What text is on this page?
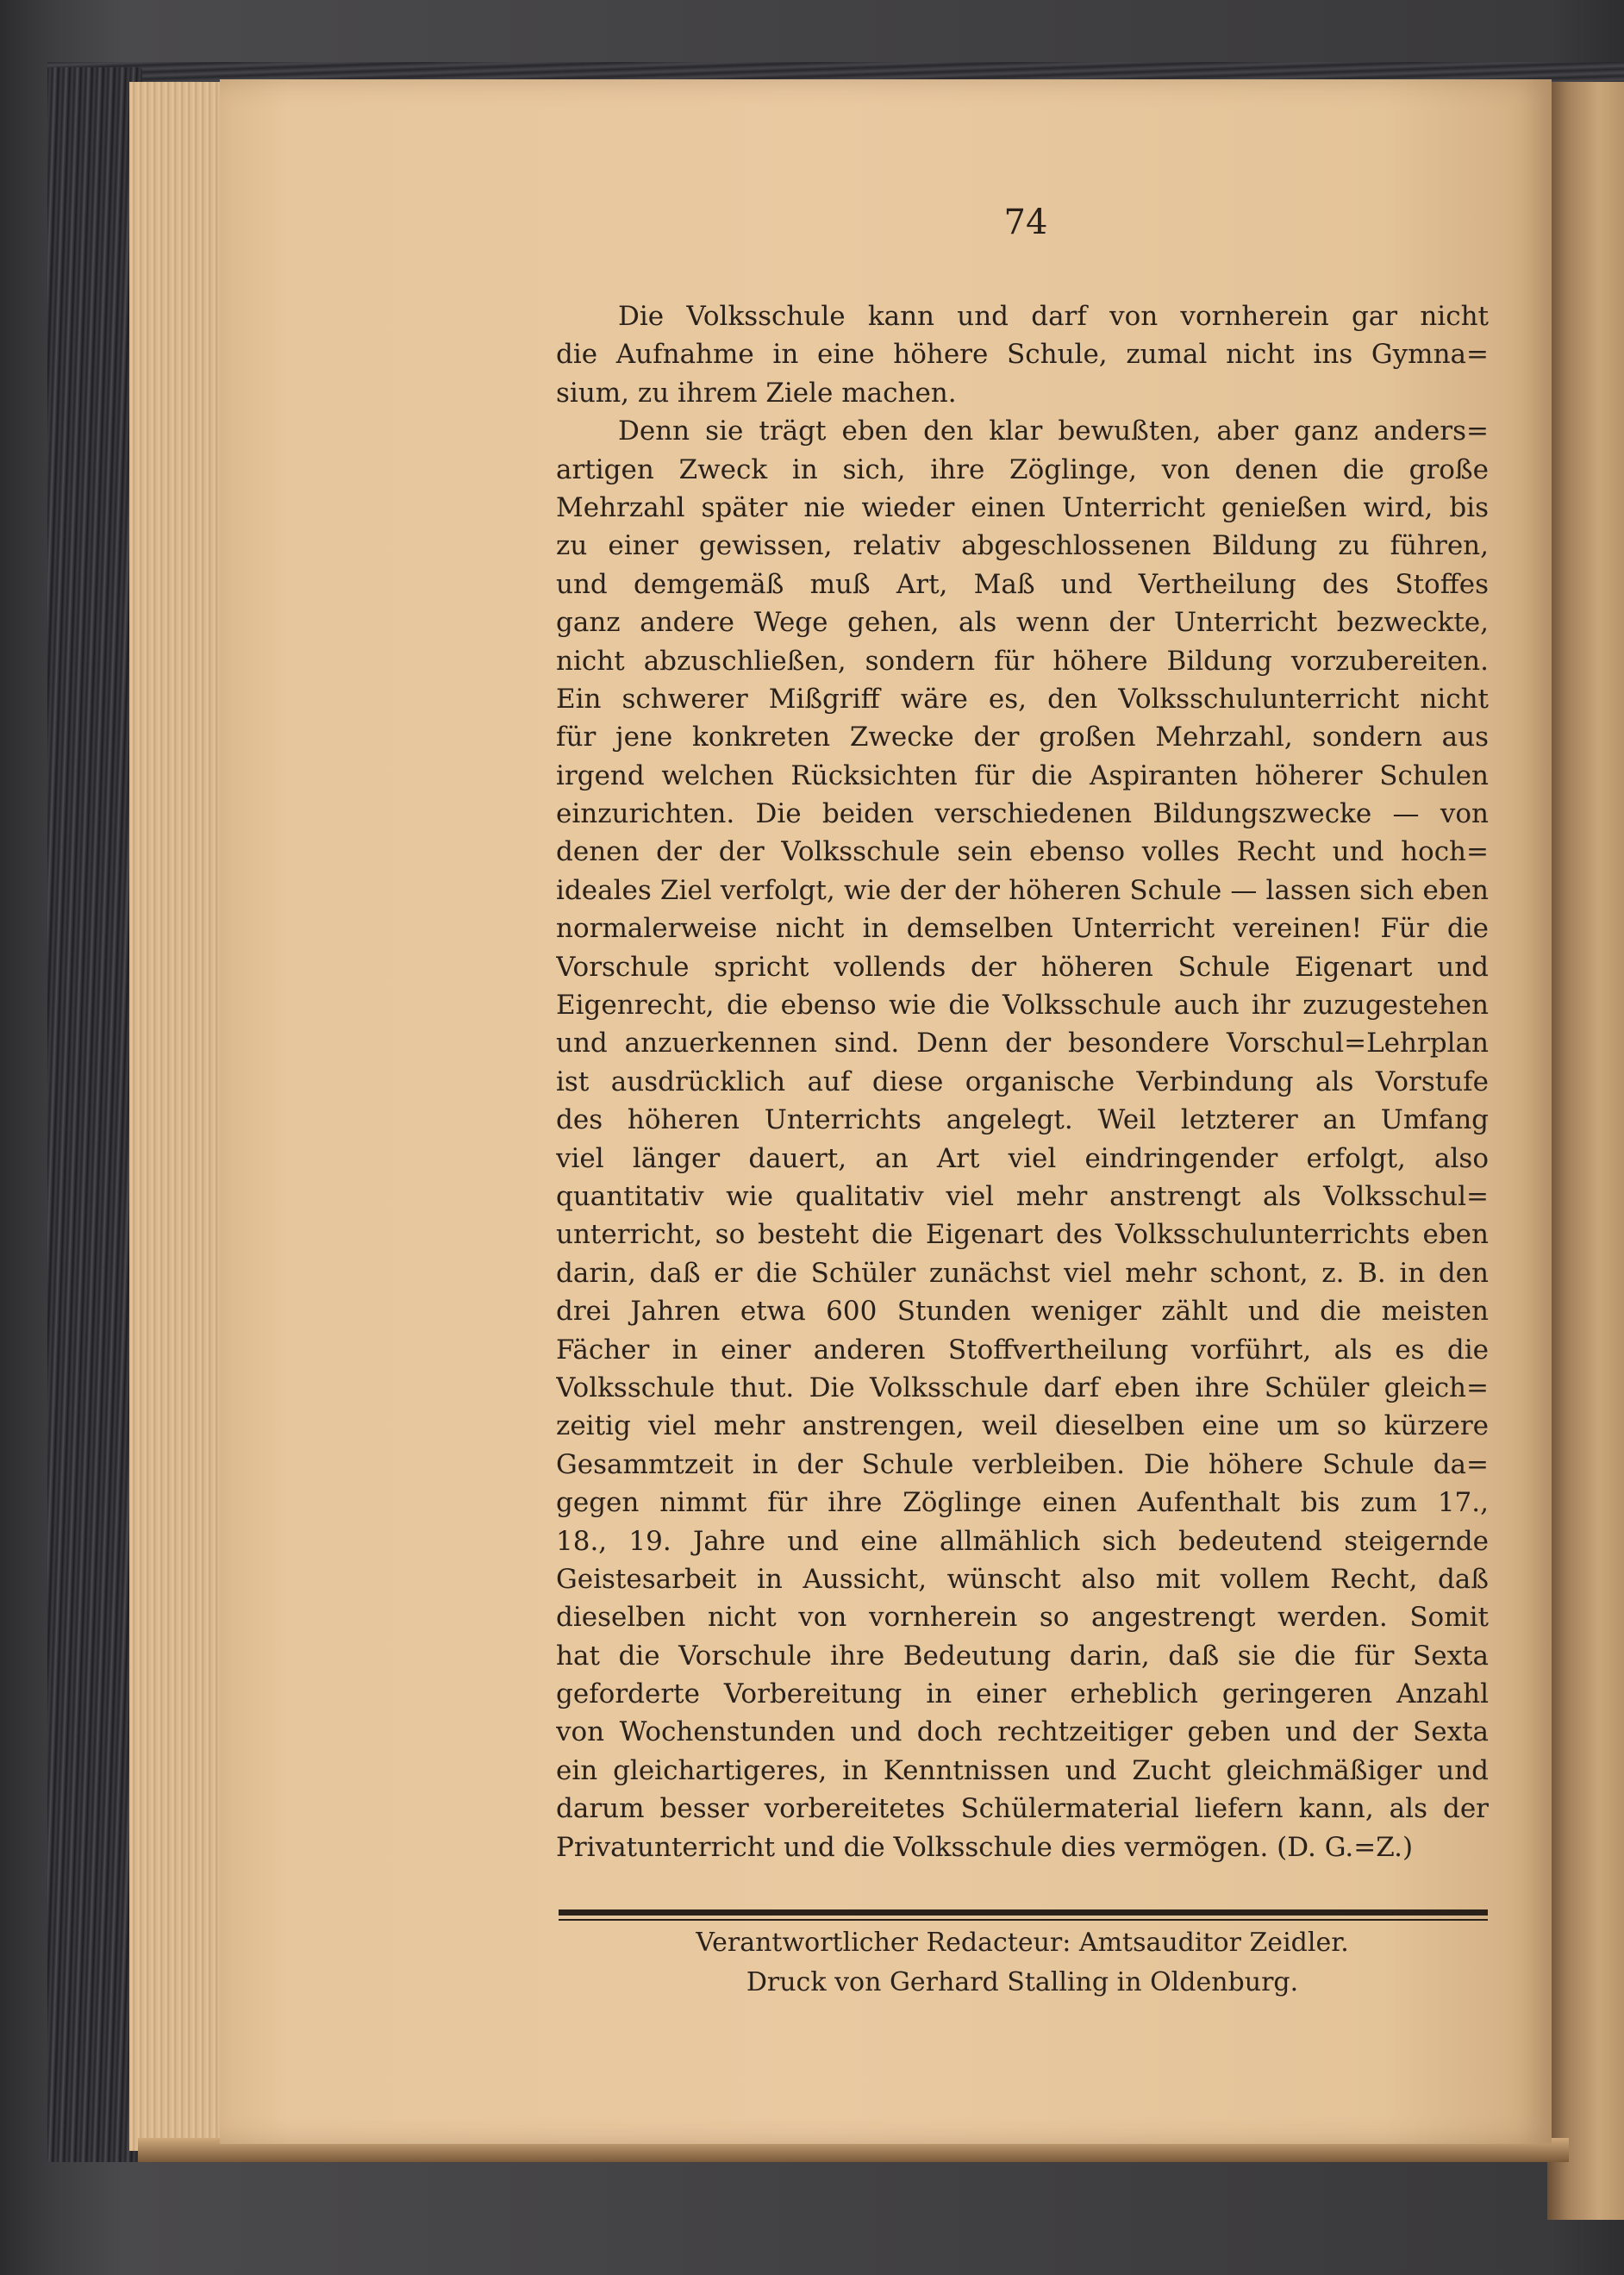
74
Die Volksschule kann und darf von vornherein gar nicht
die Aufnahme in eine höhere Schule, zumal nicht ins Gymna=
sium, zu ihrem Ziele machen.
Denn sie trägt eben den klar bewußten, aber ganz anders=
artigen Zweck in sich, ihre Zöglinge, von denen die große
Mehrzahl später nie wieder einen Unterricht genießen wird, bis
zu einer gewissen, relativ abgeschlossenen Bildung zu führen,
und demgemäß muß Art, Maß und Vertheilung des Stoffes
ganz andere Wege gehen, als wenn der Unterricht bezweckte,
nicht abzuschließen, sondern für höhere Bildung vorzubereiten.
Ein schwerer Mißgriff wäre es, den Volksschulunterricht nicht
für jene konkreten Zwecke der großen Mehrzahl, sondern aus
irgend welchen Rücksichten für die Aspiranten höherer Schulen
einzurichten. Die beiden verschiedenen Bildungszwecke — von
denen der der Volksschule sein ebenso volles Recht und hoch=
ideales Ziel verfolgt, wie der der höheren Schule — lassen sich eben
normalerweise nicht in demselben Unterricht vereinen! Für die
Vorschule spricht vollends der höheren Schule Eigenart und
Eigenrecht, die ebenso wie die Volksschule auch ihr zuzugestehen
und anzuerkennen sind. Denn der besondere Vorschul=Lehrplan
ist ausdrücklich auf diese organische Verbindung als Vorstufe
des höheren Unterrichts angelegt. Weil letzterer an Umfang
viel länger dauert, an Art viel eindringender erfolgt, also
quantitativ wie qualitativ viel mehr anstrengt als Volksschul=
unterricht, so besteht die Eigenart des Volksschulunterrichts eben
darin, daß er die Schüler zunächst viel mehr schont, z. B. in den
drei Jahren etwa 600 Stunden weniger zählt und die meisten
Fächer in einer anderen Stoffvertheilung vorführt, als es die
Volksschule thut. Die Volksschule darf eben ihre Schüler gleich=
zeitig viel mehr anstrengen, weil dieselben eine um so kürzere
Gesammtzeit in der Schule verbleiben. Die höhere Schule da=
gegen nimmt für ihre Zöglinge einen Aufenthalt bis zum 17.,
18., 19. Jahre und eine allmählich sich bedeutend steigernde
Geistesarbeit in Aussicht, wünscht also mit vollem Recht, daß
dieselben nicht von vornherein so angestrengt werden. Somit
hat die Vorschule ihre Bedeutung darin, daß sie die für Sexta
geforderte Vorbereitung in einer erheblich geringeren Anzahl
von Wochenstunden und doch rechtzeitiger geben und der Sexta
ein gleichartigeres, in Kenntnissen und Zucht gleichmäßiger und
darum besser vorbereitetes Schülermaterial liefern kann, als der
Privatunterricht und die Volksschule dies vermögen. (D. G.=Z.)
Verantwortlicher Redacteur: Amtsauditor Zeidler.
Druck von Gerhard Stalling in Oldenburg.
